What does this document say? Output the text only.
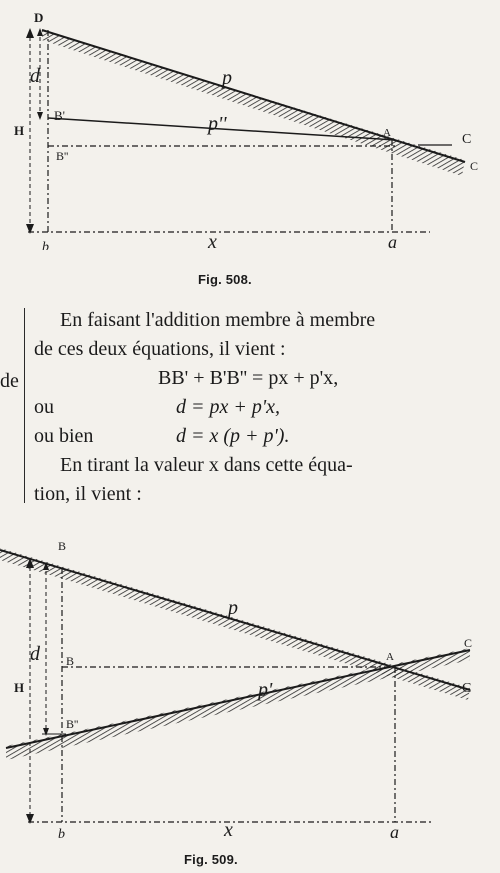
D
d
H
B'
B''
p
p''	A	C
C
b	x	a
Fig. 508.
de
En faisant l'addition membre à membre
de ces deux équations, il vient :
BB' + B'B'' = px + p'x,
ou	d = px + p'x,
ou bien	d = x (p + p').
En tirant la valeur x dans cette équa-
tion, il vient :
B
d
H
B
B''
p
p'
A
C
C
b	x	a
Fig. 509.
